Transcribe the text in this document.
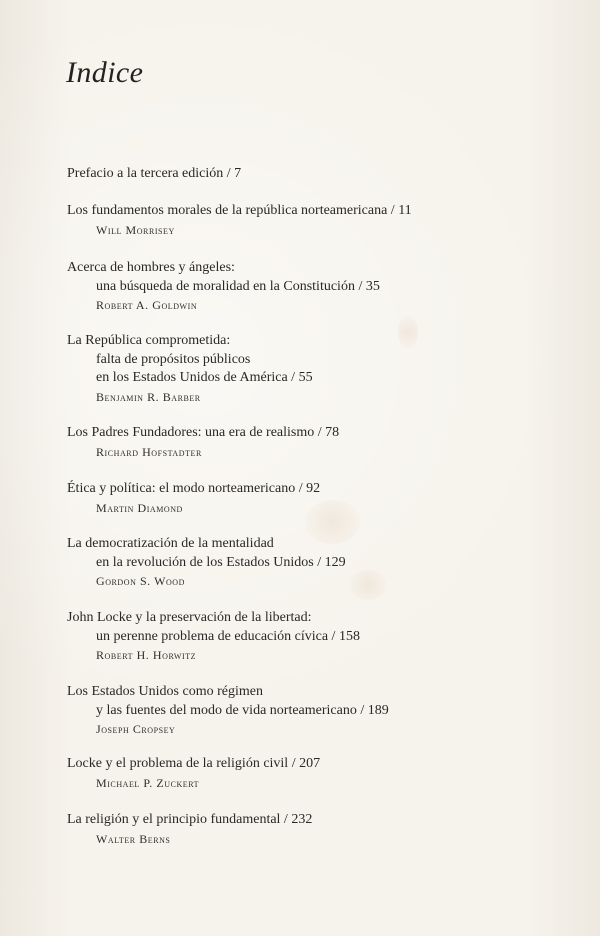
Indice
Prefacio a la tercera edición / 7
Los fundamentos morales de la república norteamericana / 11
Will Morrisey
Acerca de hombres y ángeles:
una búsqueda de moralidad en la Constitución / 35
Robert A. Goldwin
La República comprometida:
falta de propósitos públicos
en los Estados Unidos de América / 55
Benjamin R. Barber
Los Padres Fundadores: una era de realismo / 78
Richard Hofstadter
Ética y política: el modo norteamericano / 92
Martin Diamond
La democratización de la mentalidad
en la revolución de los Estados Unidos / 129
Gordon S. Wood
John Locke y la preservación de la libertad:
un perenne problema de educación cívica / 158
Robert H. Horwitz
Los Estados Unidos como régimen
y las fuentes del modo de vida norteamericano / 189
Joseph Cropsey
Locke y el problema de la religión civil / 207
Michael P. Zuckert
La religión y el principio fundamental / 232
Walter Berns
